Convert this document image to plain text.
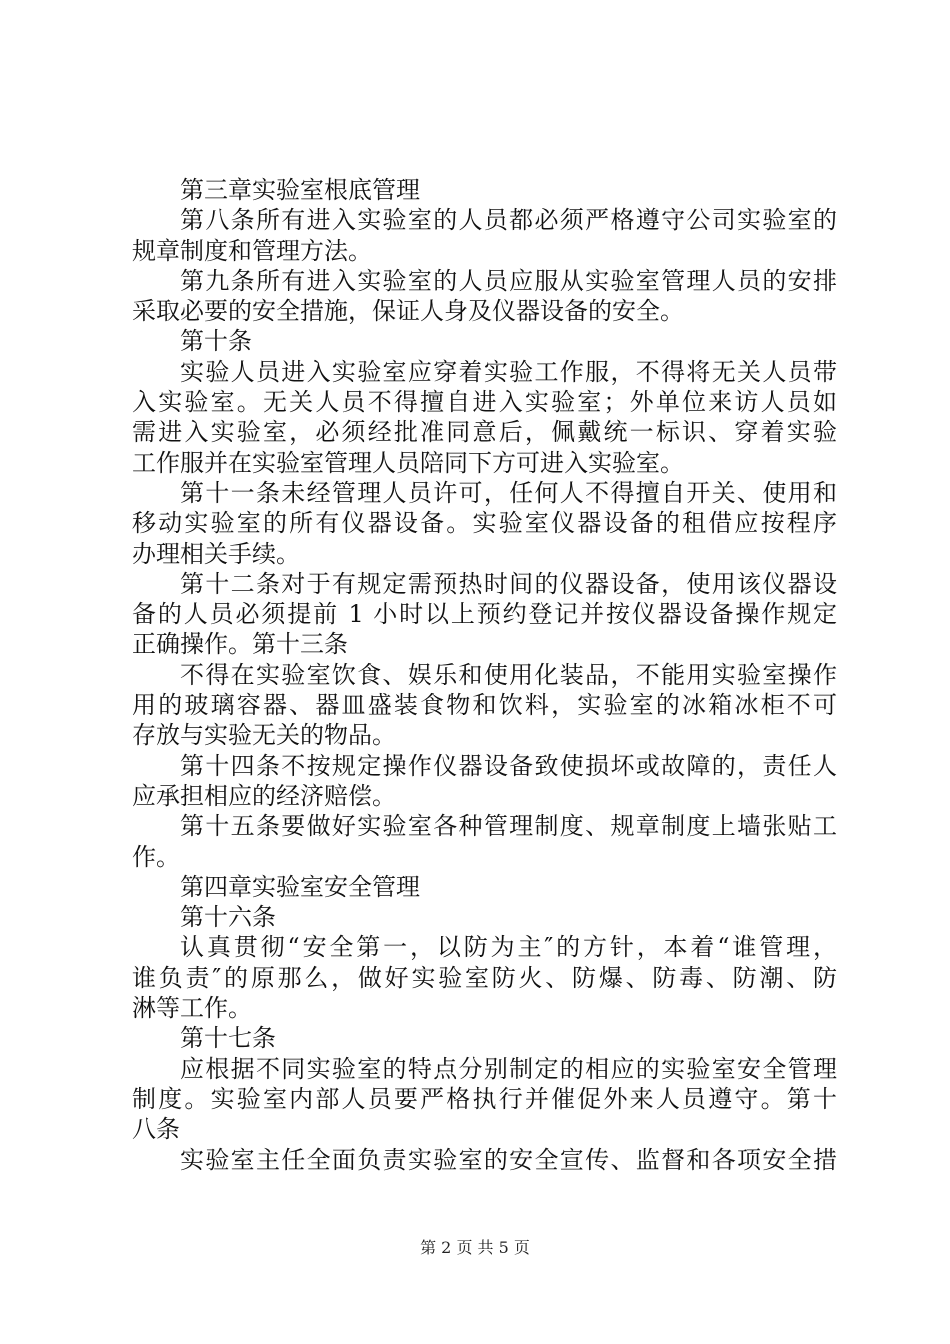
第三章实验室根底管理
第八条所有进入实验室的人员都必须严格遵守公司实验室的
规章制度和管理方法。
第九条所有进入实验室的人员应服从实验室管理人员的安排
采取必要的安全措施，保证人身及仪器设备的安全。
第十条
实验人员进入实验室应穿着实验工作服，不得将无关人员带
入实验室。无关人员不得擅自进入实验室；外单位来访人员如
需进入实验室，必须经批准同意后，佩戴统一标识、穿着实验
工作服并在实验室管理人员陪同下方可进入实验室。
第十一条未经管理人员许可，任何人不得擅自开关、使用和
移动实验室的所有仪器设备。实验室仪器设备的租借应按程序
办理相关手续。
第十二条对于有规定需预热时间的仪器设备，使用该仪器设
备的人员必须提前 1 小时以上预约登记并按仪器设备操作规定
正确操作。第十三条
不得在实验室饮食、娱乐和使用化装品，不能用实验室操作
用的玻璃容器、器皿盛装食物和饮料，实验室的冰箱冰柜不可
存放与实验无关的物品。
第十四条不按规定操作仪器设备致使损坏或故障的，责任人
应承担相应的经济赔偿。
第十五条要做好实验室各种管理制度、规章制度上墙张贴工
作。
第四章实验室安全管理
第十六条
认真贯彻“安全第一，以防为主″的方针，本着“谁管理，
谁负责″的原那么，做好实验室防火、防爆、防毒、防潮、防
淋等工作。
第十七条
应根据不同实验室的特点分别制定的相应的实验室安全管理
制度。实验室内部人员要严格执行并催促外来人员遵守。第十
八条
实验室主任全面负责实验室的安全宣传、监督和各项安全措
第 2 页 共 5 页
